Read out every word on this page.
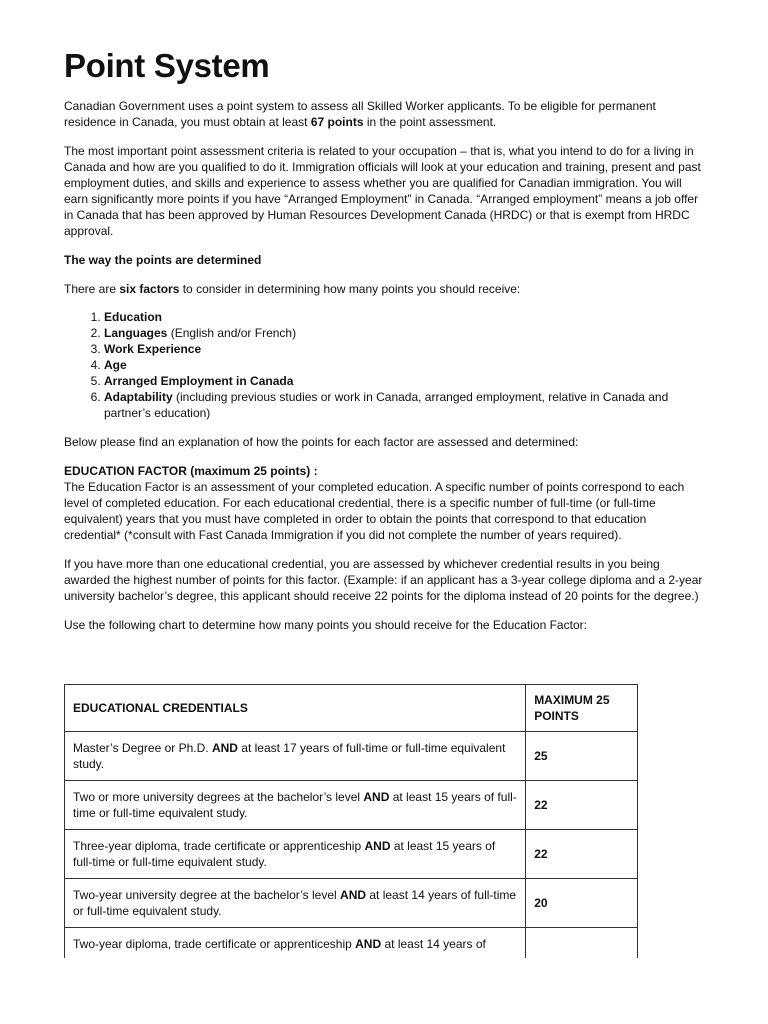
Point System

Canadian Government uses a point system to assess all Skilled Worker applicants. To be eligible for permanent residence in Canada, you must obtain at least 67 points in the point assessment.

The most important point assessment criteria is related to your occupation – that is, what you intend to do for a living in Canada and how are you qualified to do it. Immigration officials will look at your education and training, present and past employment duties, and skills and experience to assess whether you are qualified for Canadian immigration. You will earn significantly more points if you have “Arranged Employment” in Canada. “Arranged employment” means a job offer in Canada that has been approved by Human Resources Development Canada (HRDC) or that is exempt from HRDC approval.

The way the points are determined

There are six factors to consider in determining how many points you should receive:

1. Education
2. Languages (English and/or French)
3. Work Experience
4. Age
5. Arranged Employment in Canada
6. Adaptability (including previous studies or work in Canada, arranged employment, relative in Canada and partner’s education)

Below please find an explanation of how the points for each factor are assessed and determined:

EDUCATION FACTOR (maximum 25 points) :

The Education Factor is an assessment of your completed education. A specific number of points correspond to each level of completed education. For each educational credential, there is a specific number of full-time (or full-time equivalent) years that you must have completed in order to obtain the points that correspond to that education credential* (*consult with Fast Canada Immigration if you did not complete the number of years required).

If you have more than one educational credential, you are assessed by whichever credential results in you being awarded the highest number of points for this factor. (Example: if an applicant has a 3-year college diploma and a 2-year university bachelor’s degree, this applicant should receive 22 points for the diploma instead of 20 points for the degree.)

Use the following chart to determine how many points you should receive for the Education Factor:

EDUCATIONAL CREDENTIALS	MAXIMUM 25 POINTS
Master’s Degree or Ph.D. AND at least 17 years of full-time or full-time equivalent study.	25
Two or more university degrees at the bachelor’s level AND at least 15 years of full-time or full-time equivalent study.	22
Three-year diploma, trade certificate or apprenticeship AND at least 15 years of full-time or full-time equivalent study.	22
Two-year university degree at the bachelor’s level AND at least 14 years of full-time or full-time equivalent study.	20
Two-year diploma, trade certificate or apprenticeship AND at least 14 years of	
